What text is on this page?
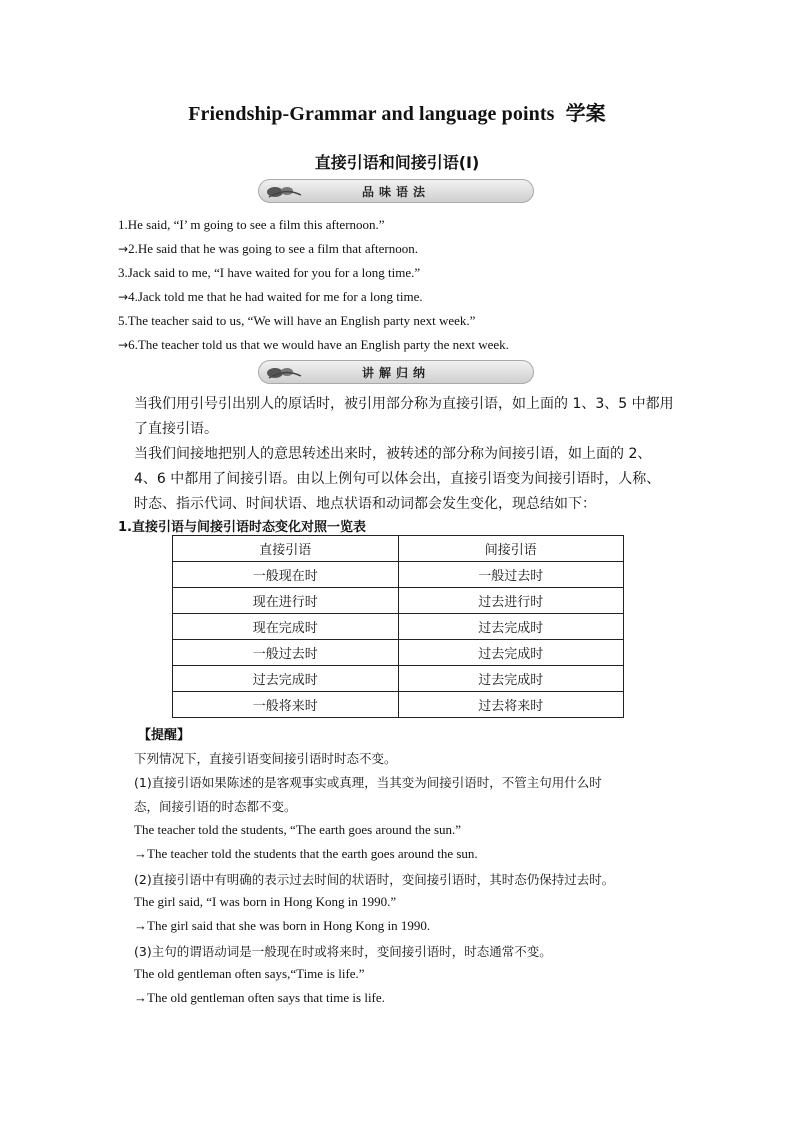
Friendship-Grammar and language points 学案
直接引语和间接引语(Ⅰ)
品味语法
1.He said, “I’ m going to see a film this afternoon.”
→2.He said that he was going to see a film that afternoon.
3.Jack said to me, “I have waited for you for a long time.”
→4.Jack told me that he had waited for me for a long time.
5.The teacher said to us, “We will have an English party next week.”
→6.The teacher told us that we would have an English party the next week.
讲解归纳

当我们用引号引出别人的原话时，被引用部分称为直接引语，如上面的 1、3、5 中都用了直接引语。

当我们间接地把别人的意思转述出来时，被转述的部分称为间接引语，如上面的 2、4、6 中都用了间接引语。由以上例句可以体会出，直接引语变为间接引语时，人称、时态、指示代词、时间状语、地点状语和动词都会发生变化，现总结如下：

1.直接引语与间接引语时态变化对照一览表
直接引语	间接引语
一般现在时	一般过去时
现在进行时	过去进行时
现在完成时	过去完成时
一般过去时	过去完成时
过去完成时	过去完成时
一般将来时	过去将来时
【提醒】
下列情况下，直接引语变间接引语时时态不变。
(1)直接引语如果陈述的是客观事实或真理，当其变为间接引语时，不管主句用什么时
态，间接引语的时态都不变。
The teacher told the students, “The earth goes around the sun.”
→The teacher told the students that the earth goes around the sun.
(2)直接引语中有明确的表示过去时间的状语时，变间接引语时，其时态仍保持过去时。
The girl said, “I was born in Hong Kong in 1990.”
→The girl said that she was born in Hong Kong in 1990.
(3)主句的谓语动词是一般现在时或将来时，变间接引语时，时态通常不变。
The old gentleman often says,“Time is life.”
→The old gentleman often says that time is life.
